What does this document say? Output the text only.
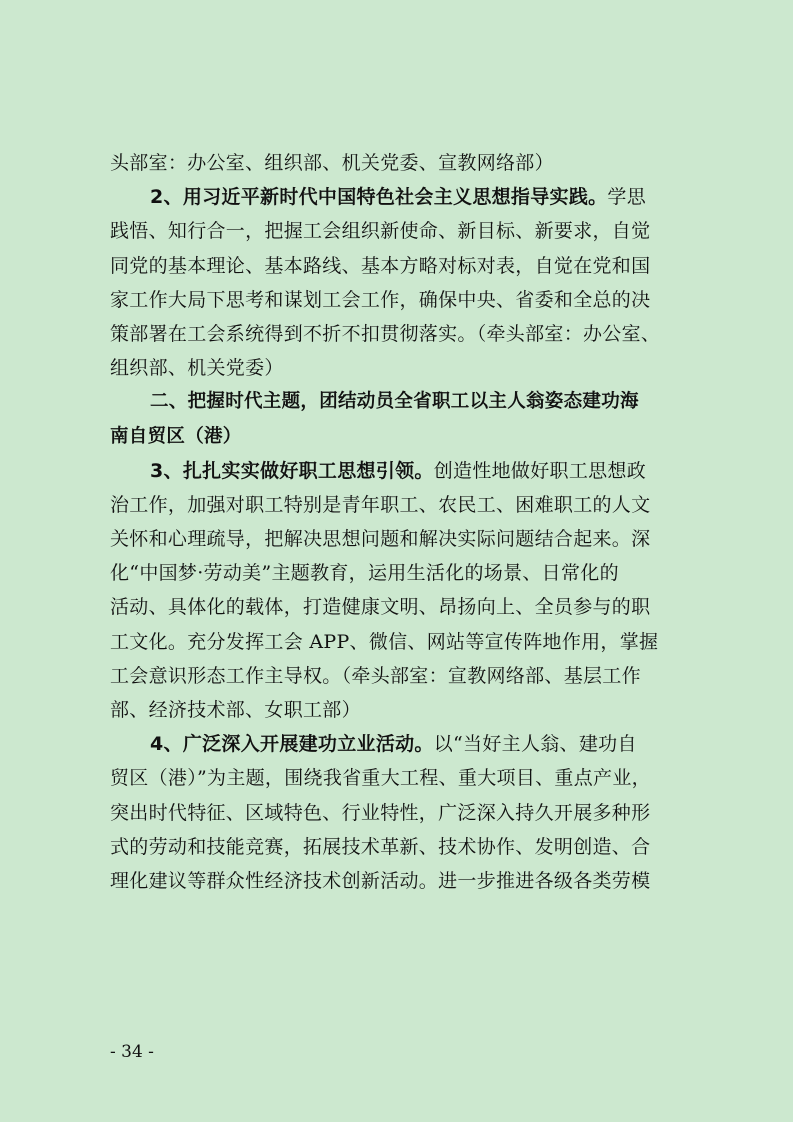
头部室：办公室、组织部、机关党委、宣教网络部）
2、用习近平新时代中国特色社会主义思想指导实践。学思
践悟、知行合一，把握工会组织新使命、新目标、新要求，自觉
同党的基本理论、基本路线、基本方略对标对表，自觉在党和国
家工作大局下思考和谋划工会工作，确保中央、省委和全总的决
策部署在工会系统得到不折不扣贯彻落实。（牵头部室：办公室、
组织部、机关党委）
二、把握时代主题，团结动员全省职工以主人翁姿态建功海
南自贸区（港）
3、扎扎实实做好职工思想引领。创造性地做好职工思想政
治工作，加强对职工特别是青年职工、农民工、困难职工的人文
关怀和心理疏导，把解决思想问题和解决实际问题结合起来。深
化“中国梦·劳动美”主题教育，运用生活化的场景、日常化的
活动、具体化的载体，打造健康文明、昂扬向上、全员参与的职
工文化。充分发挥工会 APP、微信、网站等宣传阵地作用，掌握
工会意识形态工作主导权。（牵头部室：宣教网络部、基层工作
部、经济技术部、女职工部）
4、广泛深入开展建功立业活动。以“当好主人翁、建功自
贸区（港）”为主题，围绕我省重大工程、重大项目、重点产业，
突出时代特征、区域特色、行业特性，广泛深入持久开展多种形
式的劳动和技能竞赛，拓展技术革新、技术协作、发明创造、合
理化建议等群众性经济技术创新活动。进一步推进各级各类劳模
- 34 -
